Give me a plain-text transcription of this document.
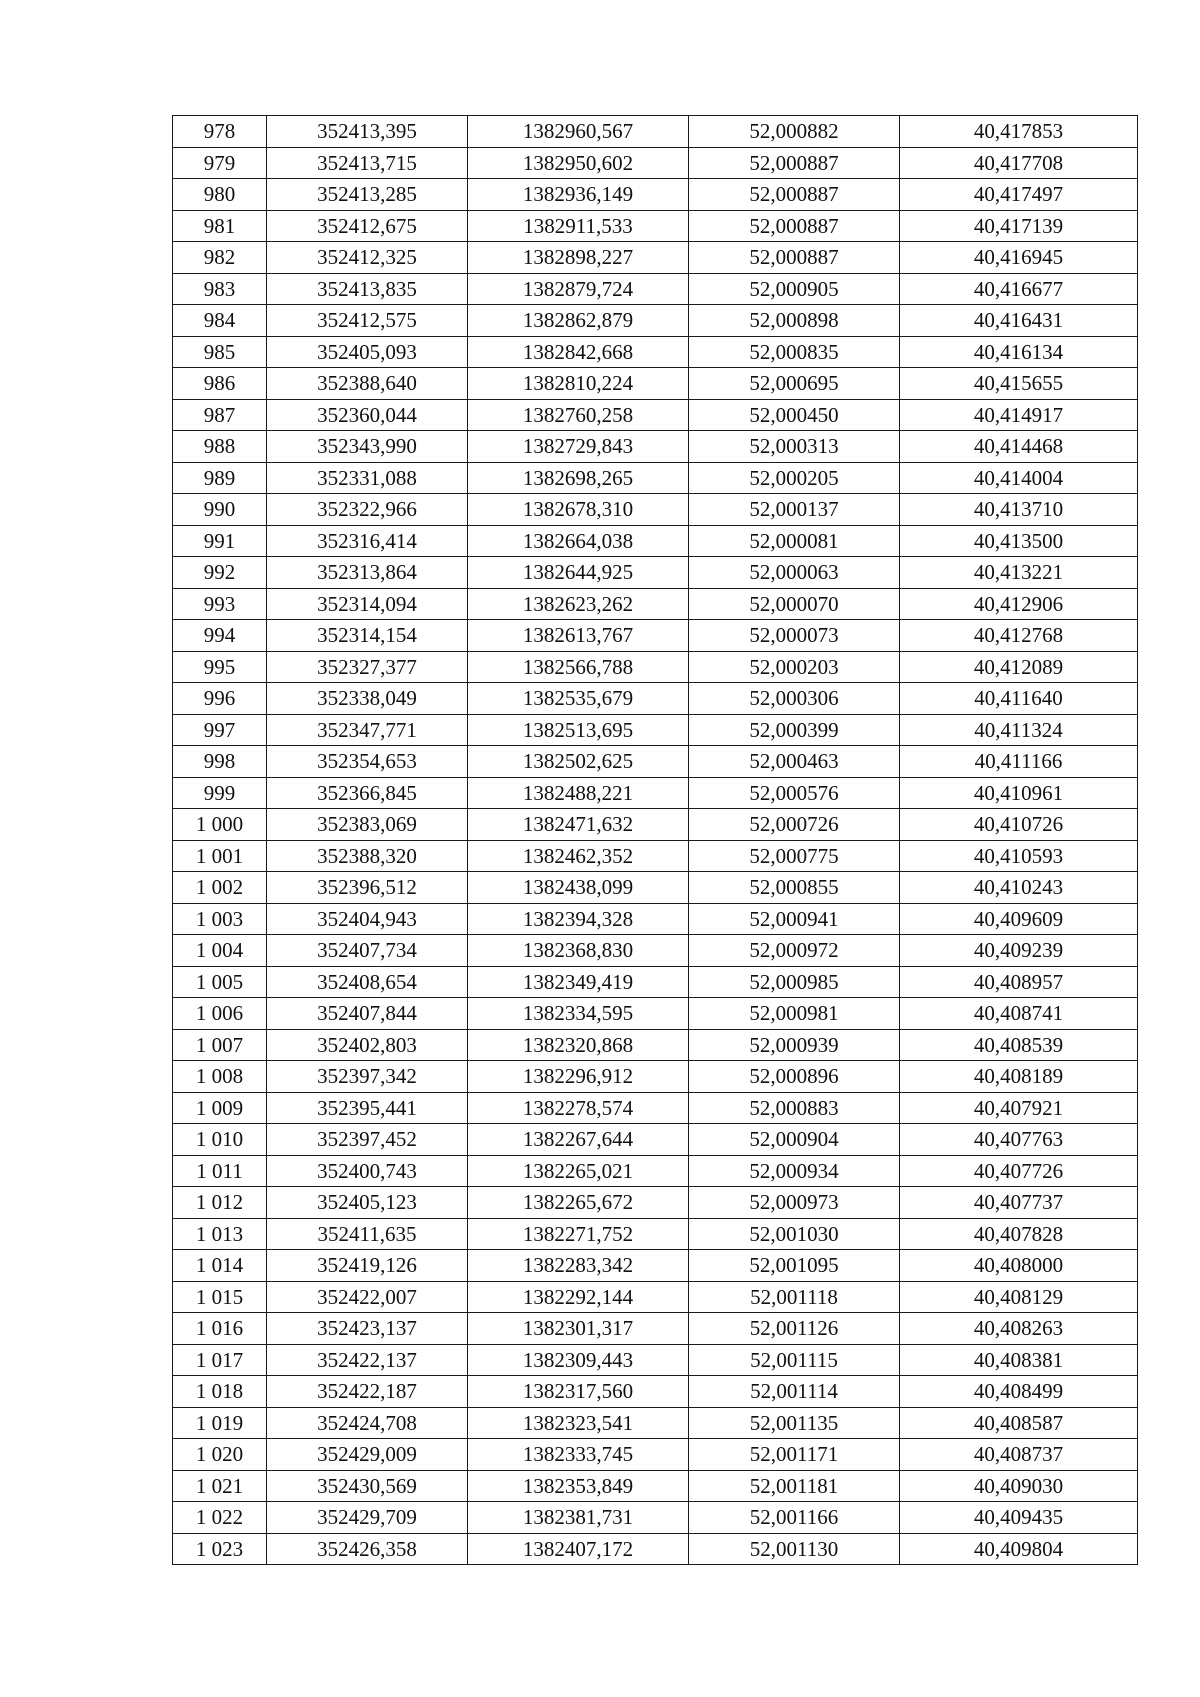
978	352413,395	1382960,567	52,000882	40,417853
979	352413,715	1382950,602	52,000887	40,417708
980	352413,285	1382936,149	52,000887	40,417497
981	352412,675	1382911,533	52,000887	40,417139
982	352412,325	1382898,227	52,000887	40,416945
983	352413,835	1382879,724	52,000905	40,416677
984	352412,575	1382862,879	52,000898	40,416431
985	352405,093	1382842,668	52,000835	40,416134
986	352388,640	1382810,224	52,000695	40,415655
987	352360,044	1382760,258	52,000450	40,414917
988	352343,990	1382729,843	52,000313	40,414468
989	352331,088	1382698,265	52,000205	40,414004
990	352322,966	1382678,310	52,000137	40,413710
991	352316,414	1382664,038	52,000081	40,413500
992	352313,864	1382644,925	52,000063	40,413221
993	352314,094	1382623,262	52,000070	40,412906
994	352314,154	1382613,767	52,000073	40,412768
995	352327,377	1382566,788	52,000203	40,412089
996	352338,049	1382535,679	52,000306	40,411640
997	352347,771	1382513,695	52,000399	40,411324
998	352354,653	1382502,625	52,000463	40,411166
999	352366,845	1382488,221	52,000576	40,410961
1 000	352383,069	1382471,632	52,000726	40,410726
1 001	352388,320	1382462,352	52,000775	40,410593
1 002	352396,512	1382438,099	52,000855	40,410243
1 003	352404,943	1382394,328	52,000941	40,409609
1 004	352407,734	1382368,830	52,000972	40,409239
1 005	352408,654	1382349,419	52,000985	40,408957
1 006	352407,844	1382334,595	52,000981	40,408741
1 007	352402,803	1382320,868	52,000939	40,408539
1 008	352397,342	1382296,912	52,000896	40,408189
1 009	352395,441	1382278,574	52,000883	40,407921
1 010	352397,452	1382267,644	52,000904	40,407763
1 011	352400,743	1382265,021	52,000934	40,407726
1 012	352405,123	1382265,672	52,000973	40,407737
1 013	352411,635	1382271,752	52,001030	40,407828
1 014	352419,126	1382283,342	52,001095	40,408000
1 015	352422,007	1382292,144	52,001118	40,408129
1 016	352423,137	1382301,317	52,001126	40,408263
1 017	352422,137	1382309,443	52,001115	40,408381
1 018	352422,187	1382317,560	52,001114	40,408499
1 019	352424,708	1382323,541	52,001135	40,408587
1 020	352429,009	1382333,745	52,001171	40,408737
1 021	352430,569	1382353,849	52,001181	40,409030
1 022	352429,709	1382381,731	52,001166	40,409435
1 023	352426,358	1382407,172	52,001130	40,409804
